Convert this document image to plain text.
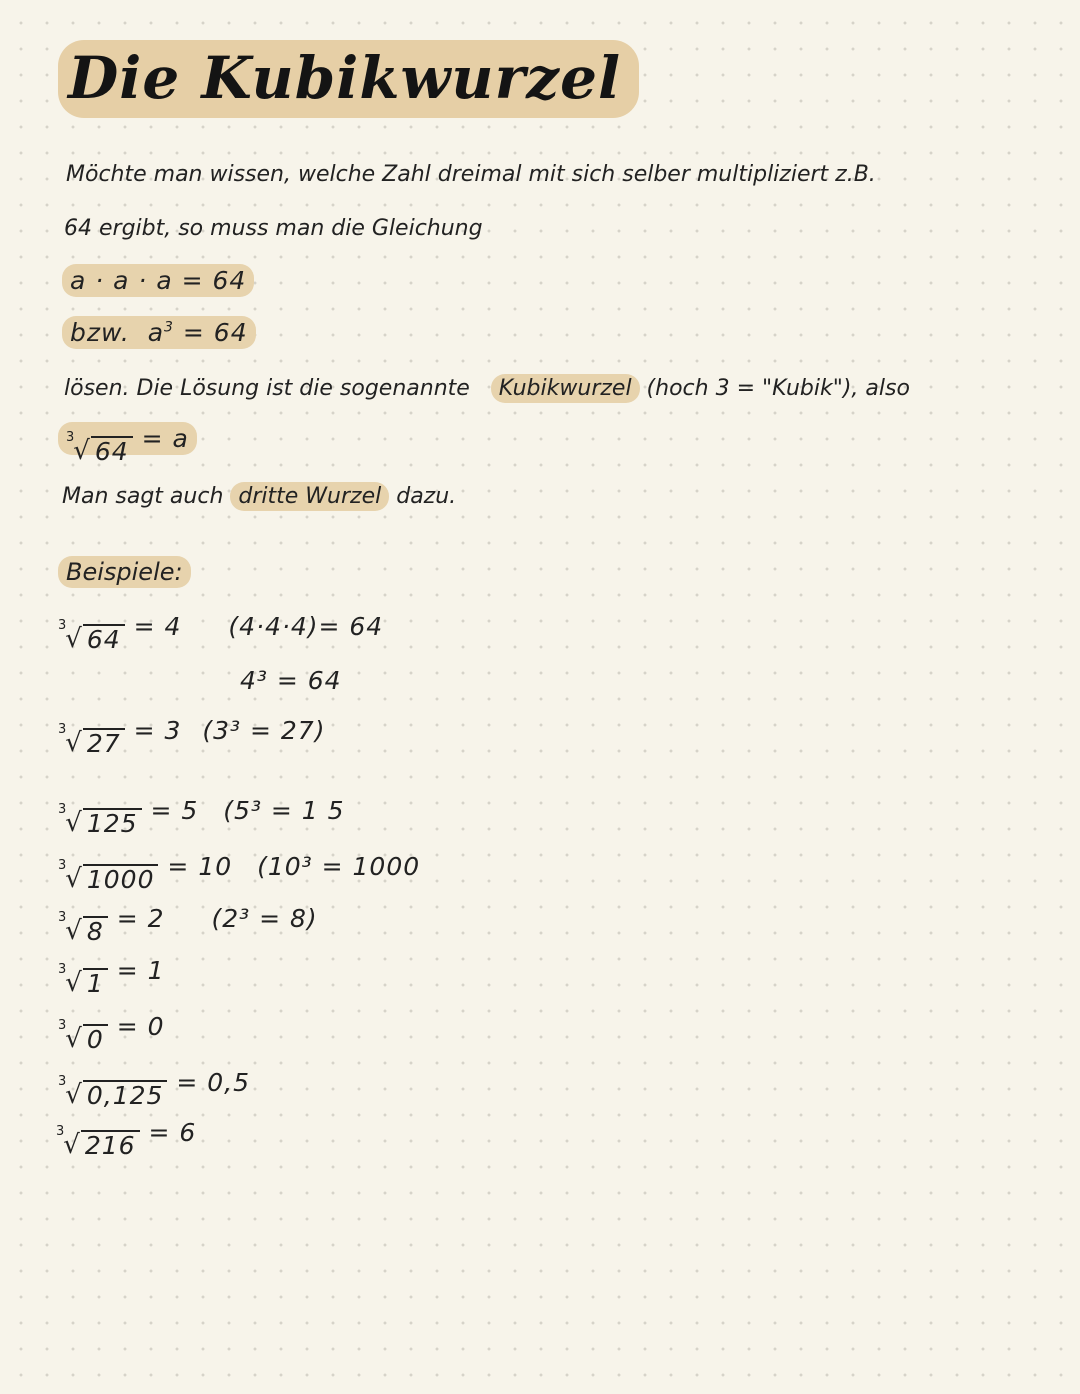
Die Kubikwurzel
Möchte man wissen, welche Zahl dreimal mit sich selber multipliziert z.B.
64 ergibt, so muss man die Gleichung
a · a · a = 64
bzw. $a^3 = 64$
lösen. Die Lösung ist die sogenannte Kubikwurzel (hoch 3 = "Kubik"), also
3
√ 64 = a
Man sagt auch dritte Wurzel dazu.
Beispiele:
3
√ 64 = 4 (4·4·4)= 64
4³ = 64
3
√ 27 = 3 (3³ = 27)
3
√ 125 = 5 (5³ = 1 5
3
√ 1000 = 10 (10³ = 1000
3
√ 8 = 2 (2³ = 8)
3
√ 1 = 1
3
√ 0 = 0
3
√ 0,125 = 0,5
3
√ 216 = 6
